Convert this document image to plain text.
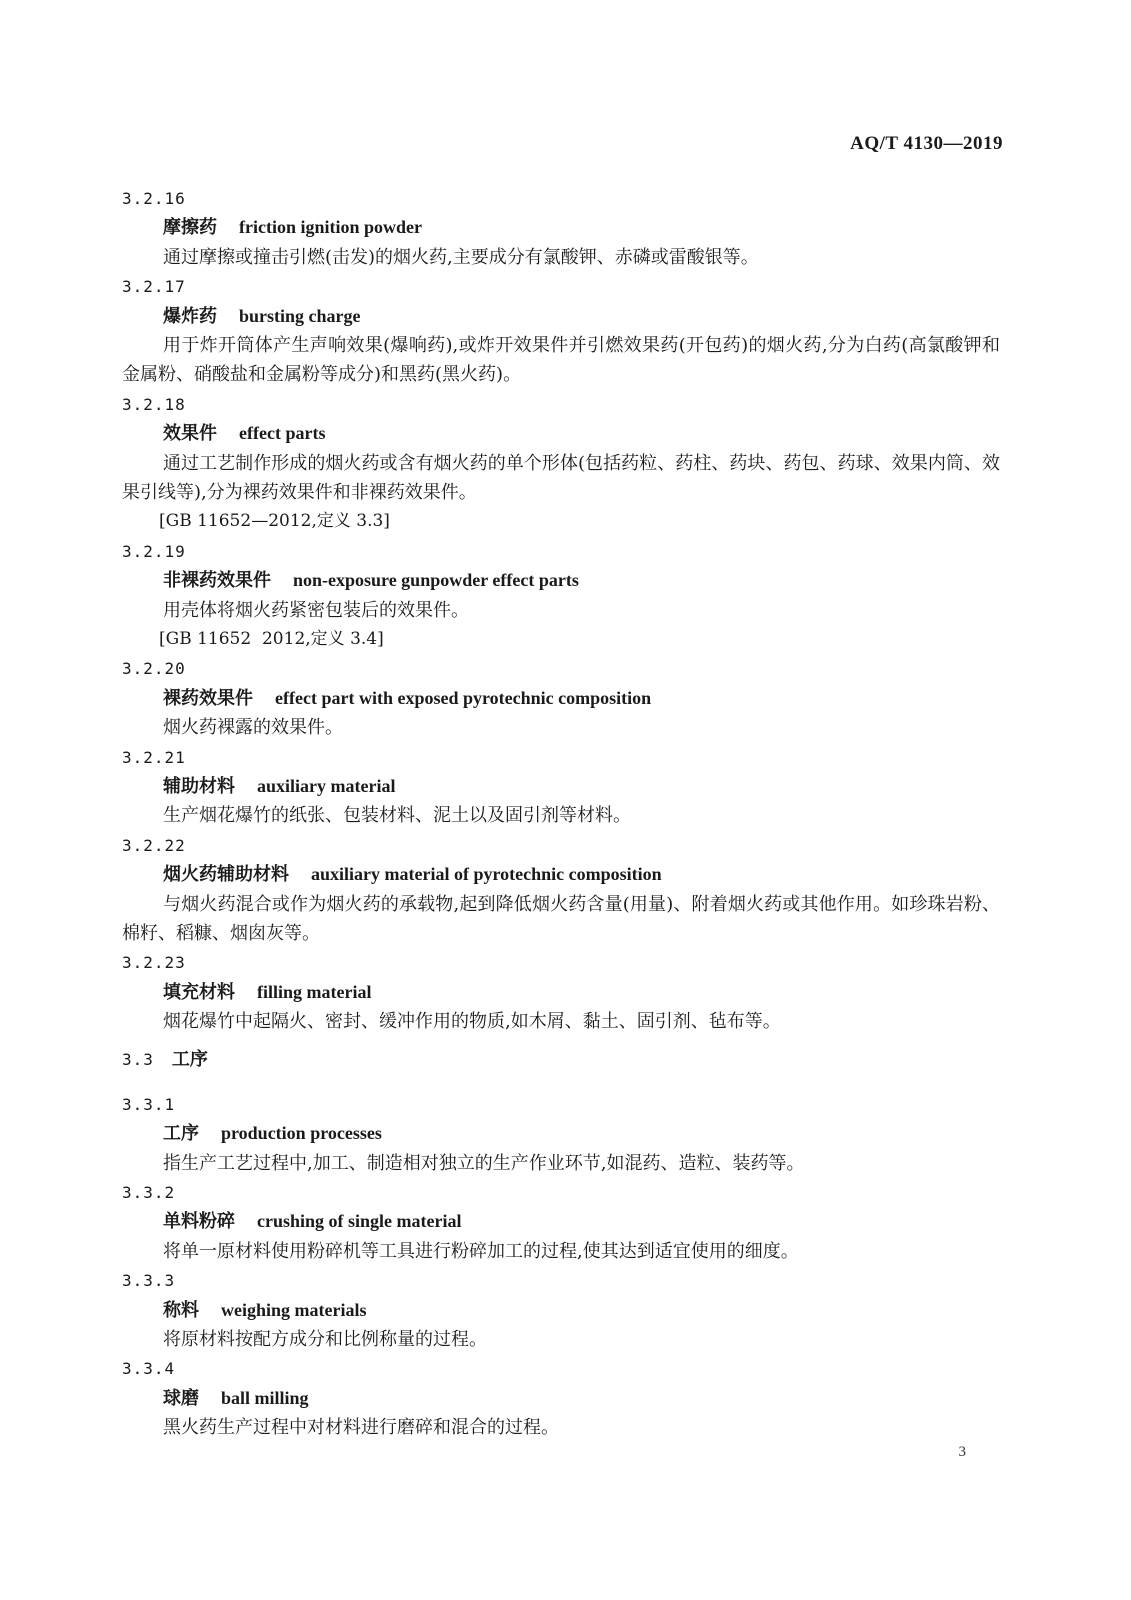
AQ/T 4130—2019
3.2.16
摩擦药 friction ignition powder
通过摩擦或撞击引燃(击发)的烟火药,主要成分有氯酸钾、赤磷或雷酸银等。
3.2.17
爆炸药 bursting charge
用于炸开筒体产生声响效果(爆响药),或炸开效果件并引燃效果药(开包药)的烟火药,分为白药(高氯酸钾和金属粉、硝酸盐和金属粉等成分)和黑药(黑火药)。
3.2.18
效果件 effect parts
通过工艺制作形成的烟火药或含有烟火药的单个形体(包括药粒、药柱、药块、药包、药球、效果内筒、效果引线等),分为裸药效果件和非裸药效果件。
[GB 11652—2012,定义 3.3]
3.2.19
非裸药效果件 non-exposure gunpowder effect parts
用壳体将烟火药紧密包装后的效果件。
[GB 11652  2012,定义 3.4]
3.2.20
裸药效果件 effect part with exposed pyrotechnic composition
烟火药裸露的效果件。
3.2.21
辅助材料 auxiliary material
生产烟花爆竹的纸张、包装材料、泥土以及固引剂等材料。
3.2.22
烟火药辅助材料 auxiliary material of pyrotechnic composition
与烟火药混合或作为烟火药的承载物,起到降低烟火药含量(用量)、附着烟火药或其他作用。如珍珠岩粉、棉籽、稻糠、烟囱灰等。
3.2.23
填充材料 filling material
烟花爆竹中起隔火、密封、缓冲作用的物质,如木屑、黏土、固引剂、毡布等。
3.3 工序
3.3.1
工序 production processes
指生产工艺过程中,加工、制造相对独立的生产作业环节,如混药、造粒、装药等。
3.3.2
单料粉碎 crushing of single material
将单一原材料使用粉碎机等工具进行粉碎加工的过程,使其达到适宜使用的细度。
3.3.3
称料 weighing materials
将原材料按配方成分和比例称量的过程。
3.3.4
球磨 ball milling
黑火药生产过程中对材料进行磨碎和混合的过程。
3
